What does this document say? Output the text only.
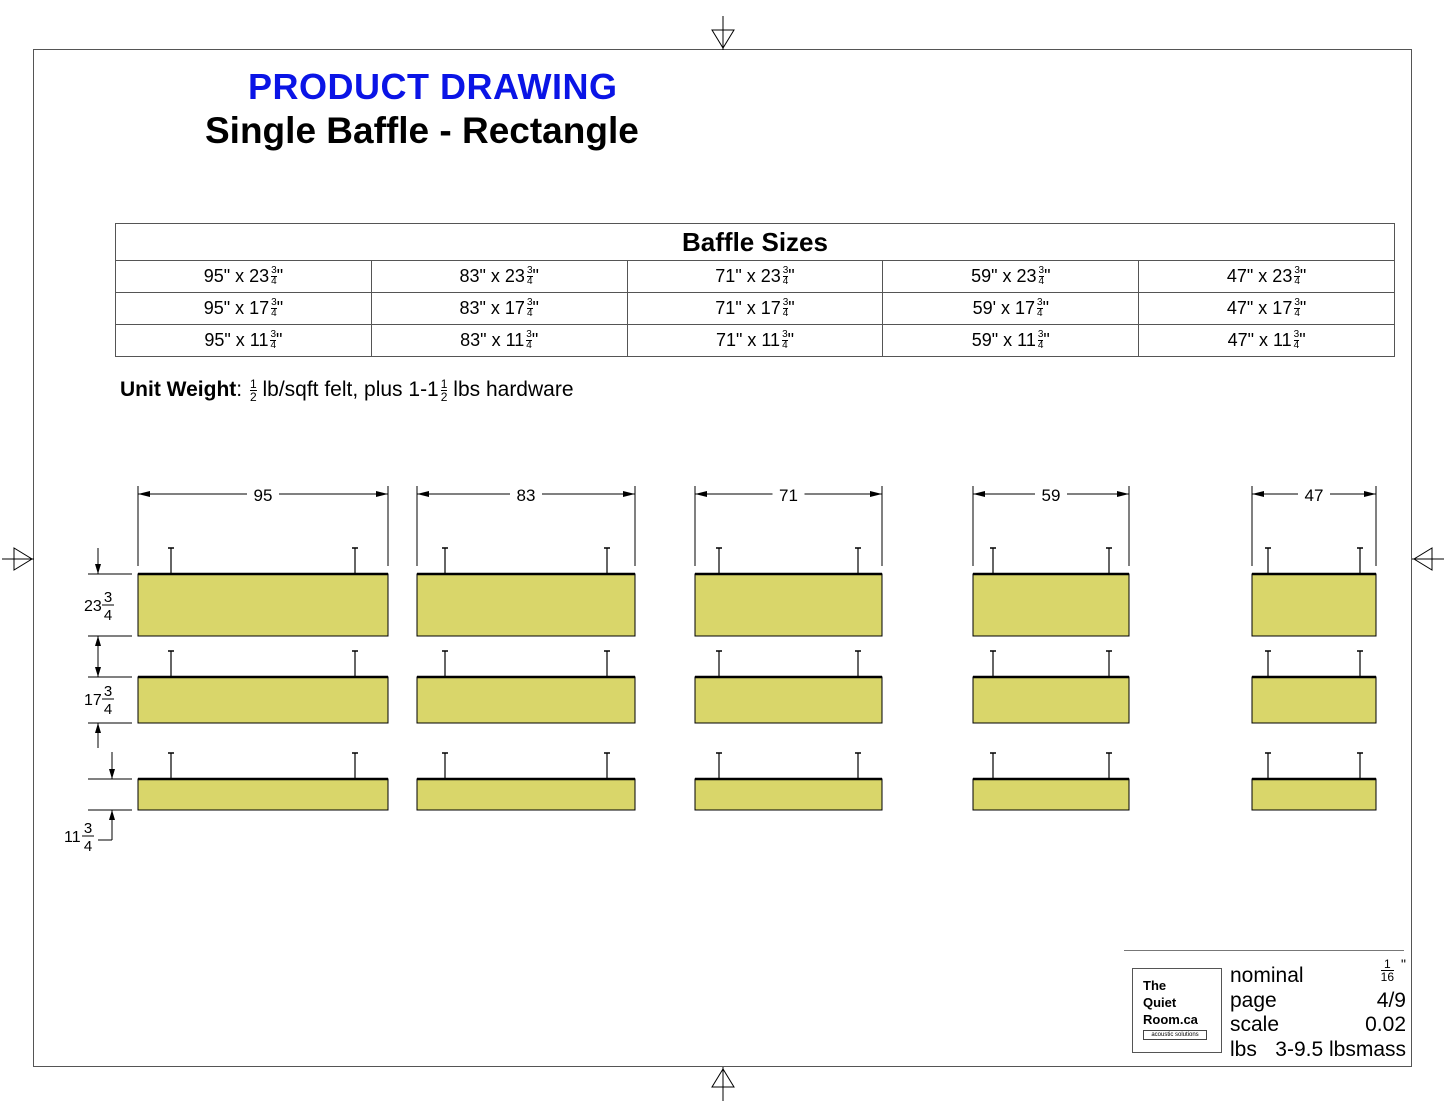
PRODUCT DRAWING
Single Baffle - Rectangle
Baffle Sizes				
95" x $23 \frac{3}{4}$ "	83" x $23 \frac{3}{4}$ "	71" x $23 \frac{3}{4}$ "	59" x $23 \frac{3}{4}$ "	47" x $23 \frac{3}{4}$ "
95" x $17 \frac{3}{4}$ "	83" x $17 \frac{3}{4}$ "	71" x $17 \frac{3}{4}$ "	59' x $17 \frac{3}{4}$ "	47" x $17 \frac{3}{4}$ "
95" x $11 \frac{3}{4}$ "	83" x $11 \frac{3}{4}$ "	71" x $11 \frac{3}{4}$ "	59" x $11 \frac{3}{4}$ "	47" x $11 \frac{3}{4}$ "
Unit Weight: $\frac{1}{2}$ lb/sqft felt, plus $1-1 \frac{1}{2}$ lbs hardware
95	83	71	59	47
23
3
4
17
3
4
11
3
4
The
Quiet
Room.ca
acoustic solutions
nominal	$\frac{1}{16}$ "
page	4/9
scale	0.02
lbs 3-9.5 lbsmass
